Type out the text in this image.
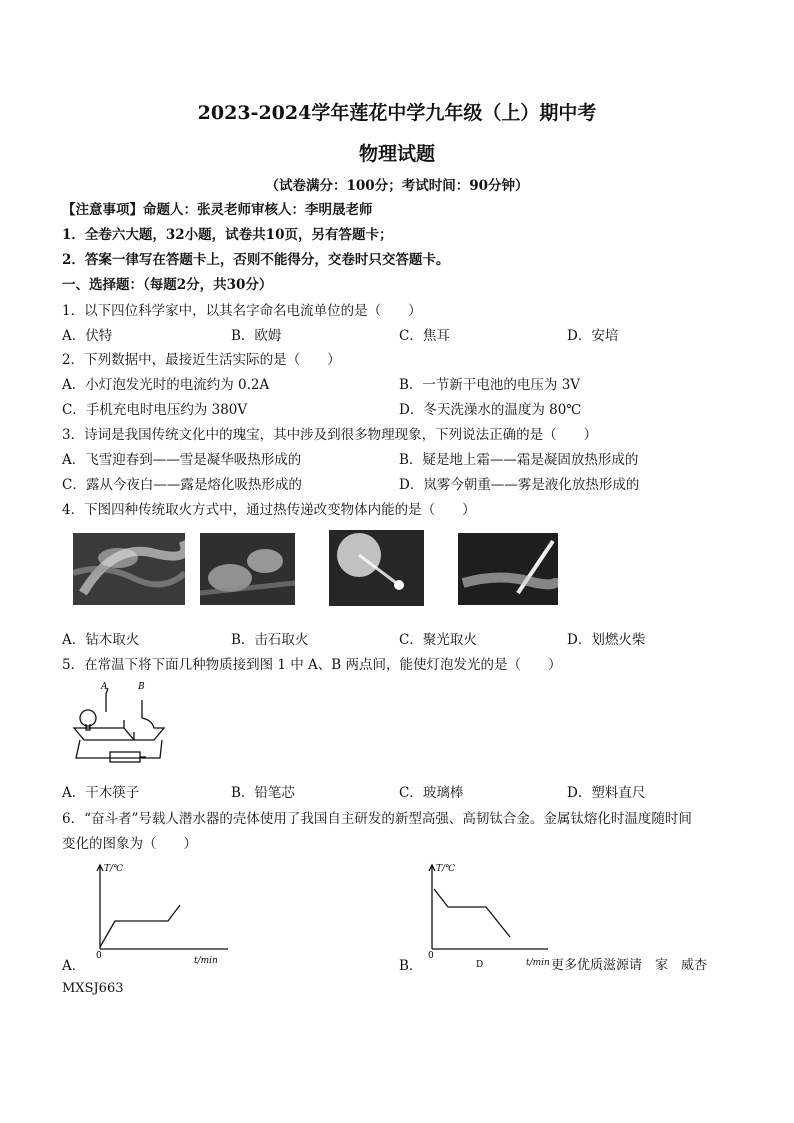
2023-2024学年莲花中学九年级（上）期中考
物理试题
（试卷满分：100分；考试时间：90分钟）
【注意事项】命题人：张灵老师审核人：李明晟老师
1．全卷六大题，32小题，试卷共10页，另有答题卡；
2．答案一律写在答题卡上，否则不能得分，交卷时只交答题卡。
一、选择题：（每题2分，共30分）
1．以下四位科学家中，以其名字命名电流单位的是（　　）
A．伏特	B．欧姆	C．焦耳	D．安培
2．下列数据中，最接近生活实际的是（　　）
A．小灯泡发光时的电流约为 0.2A	B．一节新干电池的电压为 3V
C．手机充电时电压约为 380V	D．冬天洗澡水的温度为 80℃
3．诗词是我国传统文化中的瑰宝，其中涉及到很多物理现象，下列说法正确的是（　　）
A．飞雪迎春到——雪是凝华吸热形成的	B．疑是地上霜——霜是凝固放热形成的
C．露从今夜白——露是熔化吸热形成的	D．岚雾今朝重——雾是液化放热形成的
4．下图四种传统取火方式中，通过热传递改变物体内能的是（　　）
A．钻木取火	B．击石取火	C．聚光取火	D．划燃火柴
5．在常温下将下面几种物质接到图 1 中 A、B 两点间，能使灯泡发光的是（　　）
A	B
A．干木筷子	B．铅笔芯	C．玻璃棒	D．塑料直尺
6．“奋斗者”号载人潜水器的壳体使用了我国自主研发的新型高强、高韧钛合金。金属钛熔化时温度随时间
变化的图象为（　　）
T/℃
0	t/min
A．
T/℃
0
D
B．	t/min 更多优质滋源请　家　威杏
MXSJ663
